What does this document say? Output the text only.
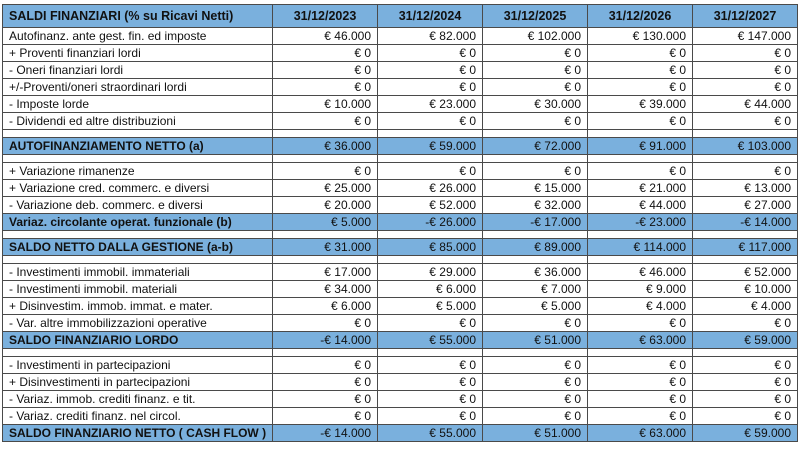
SALDI FINANZIARI (% su Ricavi Netti)	31/12/2023	31/12/2024	31/12/2025	31/12/2026	31/12/2027
Autofinanz. ante gest. fin. ed imposte	€ 46.000	€ 82.000	€ 102.000	€ 130.000	€ 147.000
+ Proventi finanziari lordi	€ 0	€ 0	€ 0	€ 0	€ 0
- Oneri finanziari lordi	€ 0	€ 0	€ 0	€ 0	€ 0
+/-Proventi/oneri straordinari lordi	€ 0	€ 0	€ 0	€ 0	€ 0
- Imposte lorde	€ 10.000	€ 23.000	€ 30.000	€ 39.000	€ 44.000
- Dividendi ed altre distribuzioni	€ 0	€ 0	€ 0	€ 0	€ 0

AUTOFINANZIAMENTO NETTO (a)	€ 36.000	€ 59.000	€ 72.000	€ 91.000	€ 103.000

+ Variazione rimanenze	€ 0	€ 0	€ 0	€ 0	€ 0
+ Variazione cred. commerc. e diversi	€ 25.000	€ 26.000	€ 15.000	€ 21.000	€ 13.000
- Variazione deb. commerc. e diversi	€ 20.000	€ 52.000	€ 32.000	€ 44.000	€ 27.000
Variaz. circolante operat. funzionale (b)	€ 5.000	-€ 26.000	-€ 17.000	-€ 23.000	-€ 14.000

SALDO NETTO DALLA GESTIONE (a-b)	€ 31.000	€ 85.000	€ 89.000	€ 114.000	€ 117.000

- Investimenti immobil. immateriali	€ 17.000	€ 29.000	€ 36.000	€ 46.000	€ 52.000
- Investimenti immobil. materiali	€ 34.000	€ 6.000	€ 7.000	€ 9.000	€ 10.000
+ Disinvestim. immob. immat. e mater.	€ 6.000	€ 5.000	€ 5.000	€ 4.000	€ 4.000
- Var. altre immobilizzazioni operative	€ 0	€ 0	€ 0	€ 0	€ 0
SALDO FINANZIARIO LORDO	-€ 14.000	€ 55.000	€ 51.000	€ 63.000	€ 59.000

- Investimenti in partecipazioni	€ 0	€ 0	€ 0	€ 0	€ 0
+ Disinvestimenti in partecipazioni	€ 0	€ 0	€ 0	€ 0	€ 0
- Variaz. immob. crediti finanz. e tit.	€ 0	€ 0	€ 0	€ 0	€ 0
- Variaz. crediti finanz. nel circol.	€ 0	€ 0	€ 0	€ 0	€ 0
SALDO FINANZIARIO NETTO ( CASH FLOW )	-€ 14.000	€ 55.000	€ 51.000	€ 63.000	€ 59.000
